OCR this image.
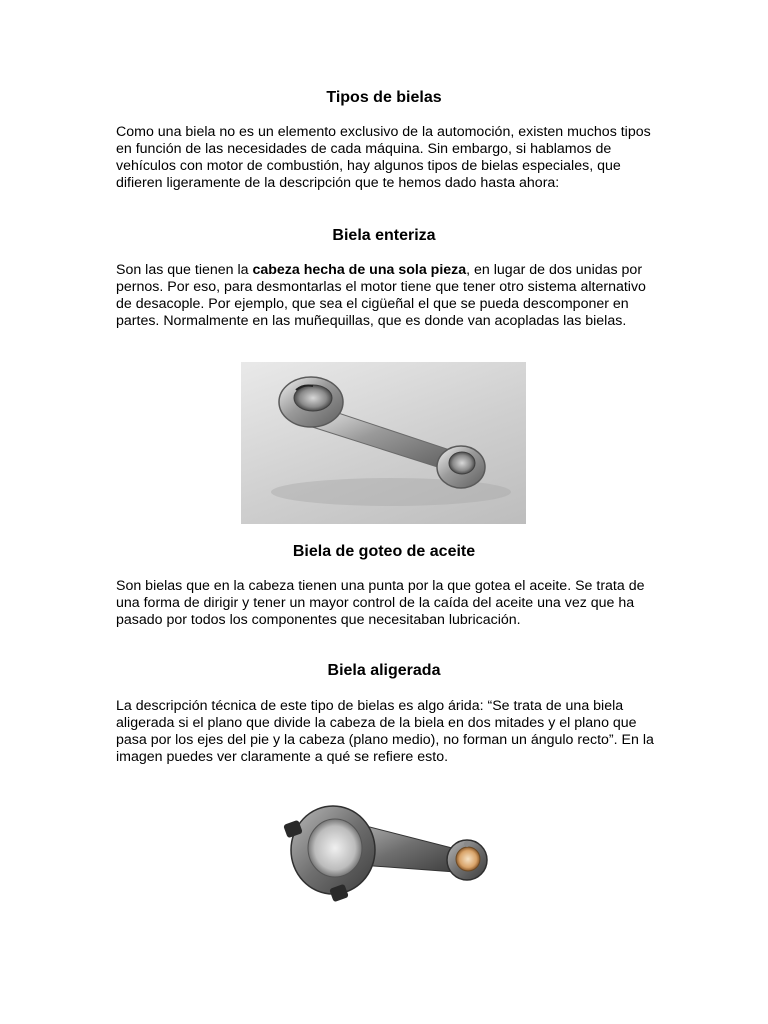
Tipos de bielas

Como una biela no es un elemento exclusivo de la automoción, existen muchos tipos en función de las necesidades de cada máquina. Sin embargo, si hablamos de vehículos con motor de combustión, hay algunos tipos de bielas especiales, que difieren ligeramente de la descripción que te hemos dado hasta ahora:

Biela enteriza

Son las que tienen la cabeza hecha de una sola pieza, en lugar de dos unidas por pernos. Por eso, para desmontarlas el motor tiene que tener otro sistema alternativo de desacople. Por ejemplo, que sea el cigüeñal el que se pueda descomponer en partes. Normalmente en las muñequillas, que es donde van acopladas las bielas.

Biela de goteo de aceite

Son bielas que en la cabeza tienen una punta por la que gotea el aceite. Se trata de una forma de dirigir y tener un mayor control de la caída del aceite una vez que ha pasado por todos los componentes que necesitaban lubricación.

Biela aligerada

La descripción técnica de este tipo de bielas es algo árida: “Se trata de una biela aligerada si el plano que divide la cabeza de la biela en dos mitades y el plano que pasa por los ejes del pie y la cabeza (plano medio), no forman un ángulo recto”. En la imagen puedes ver claramente a qué se refiere esto.
